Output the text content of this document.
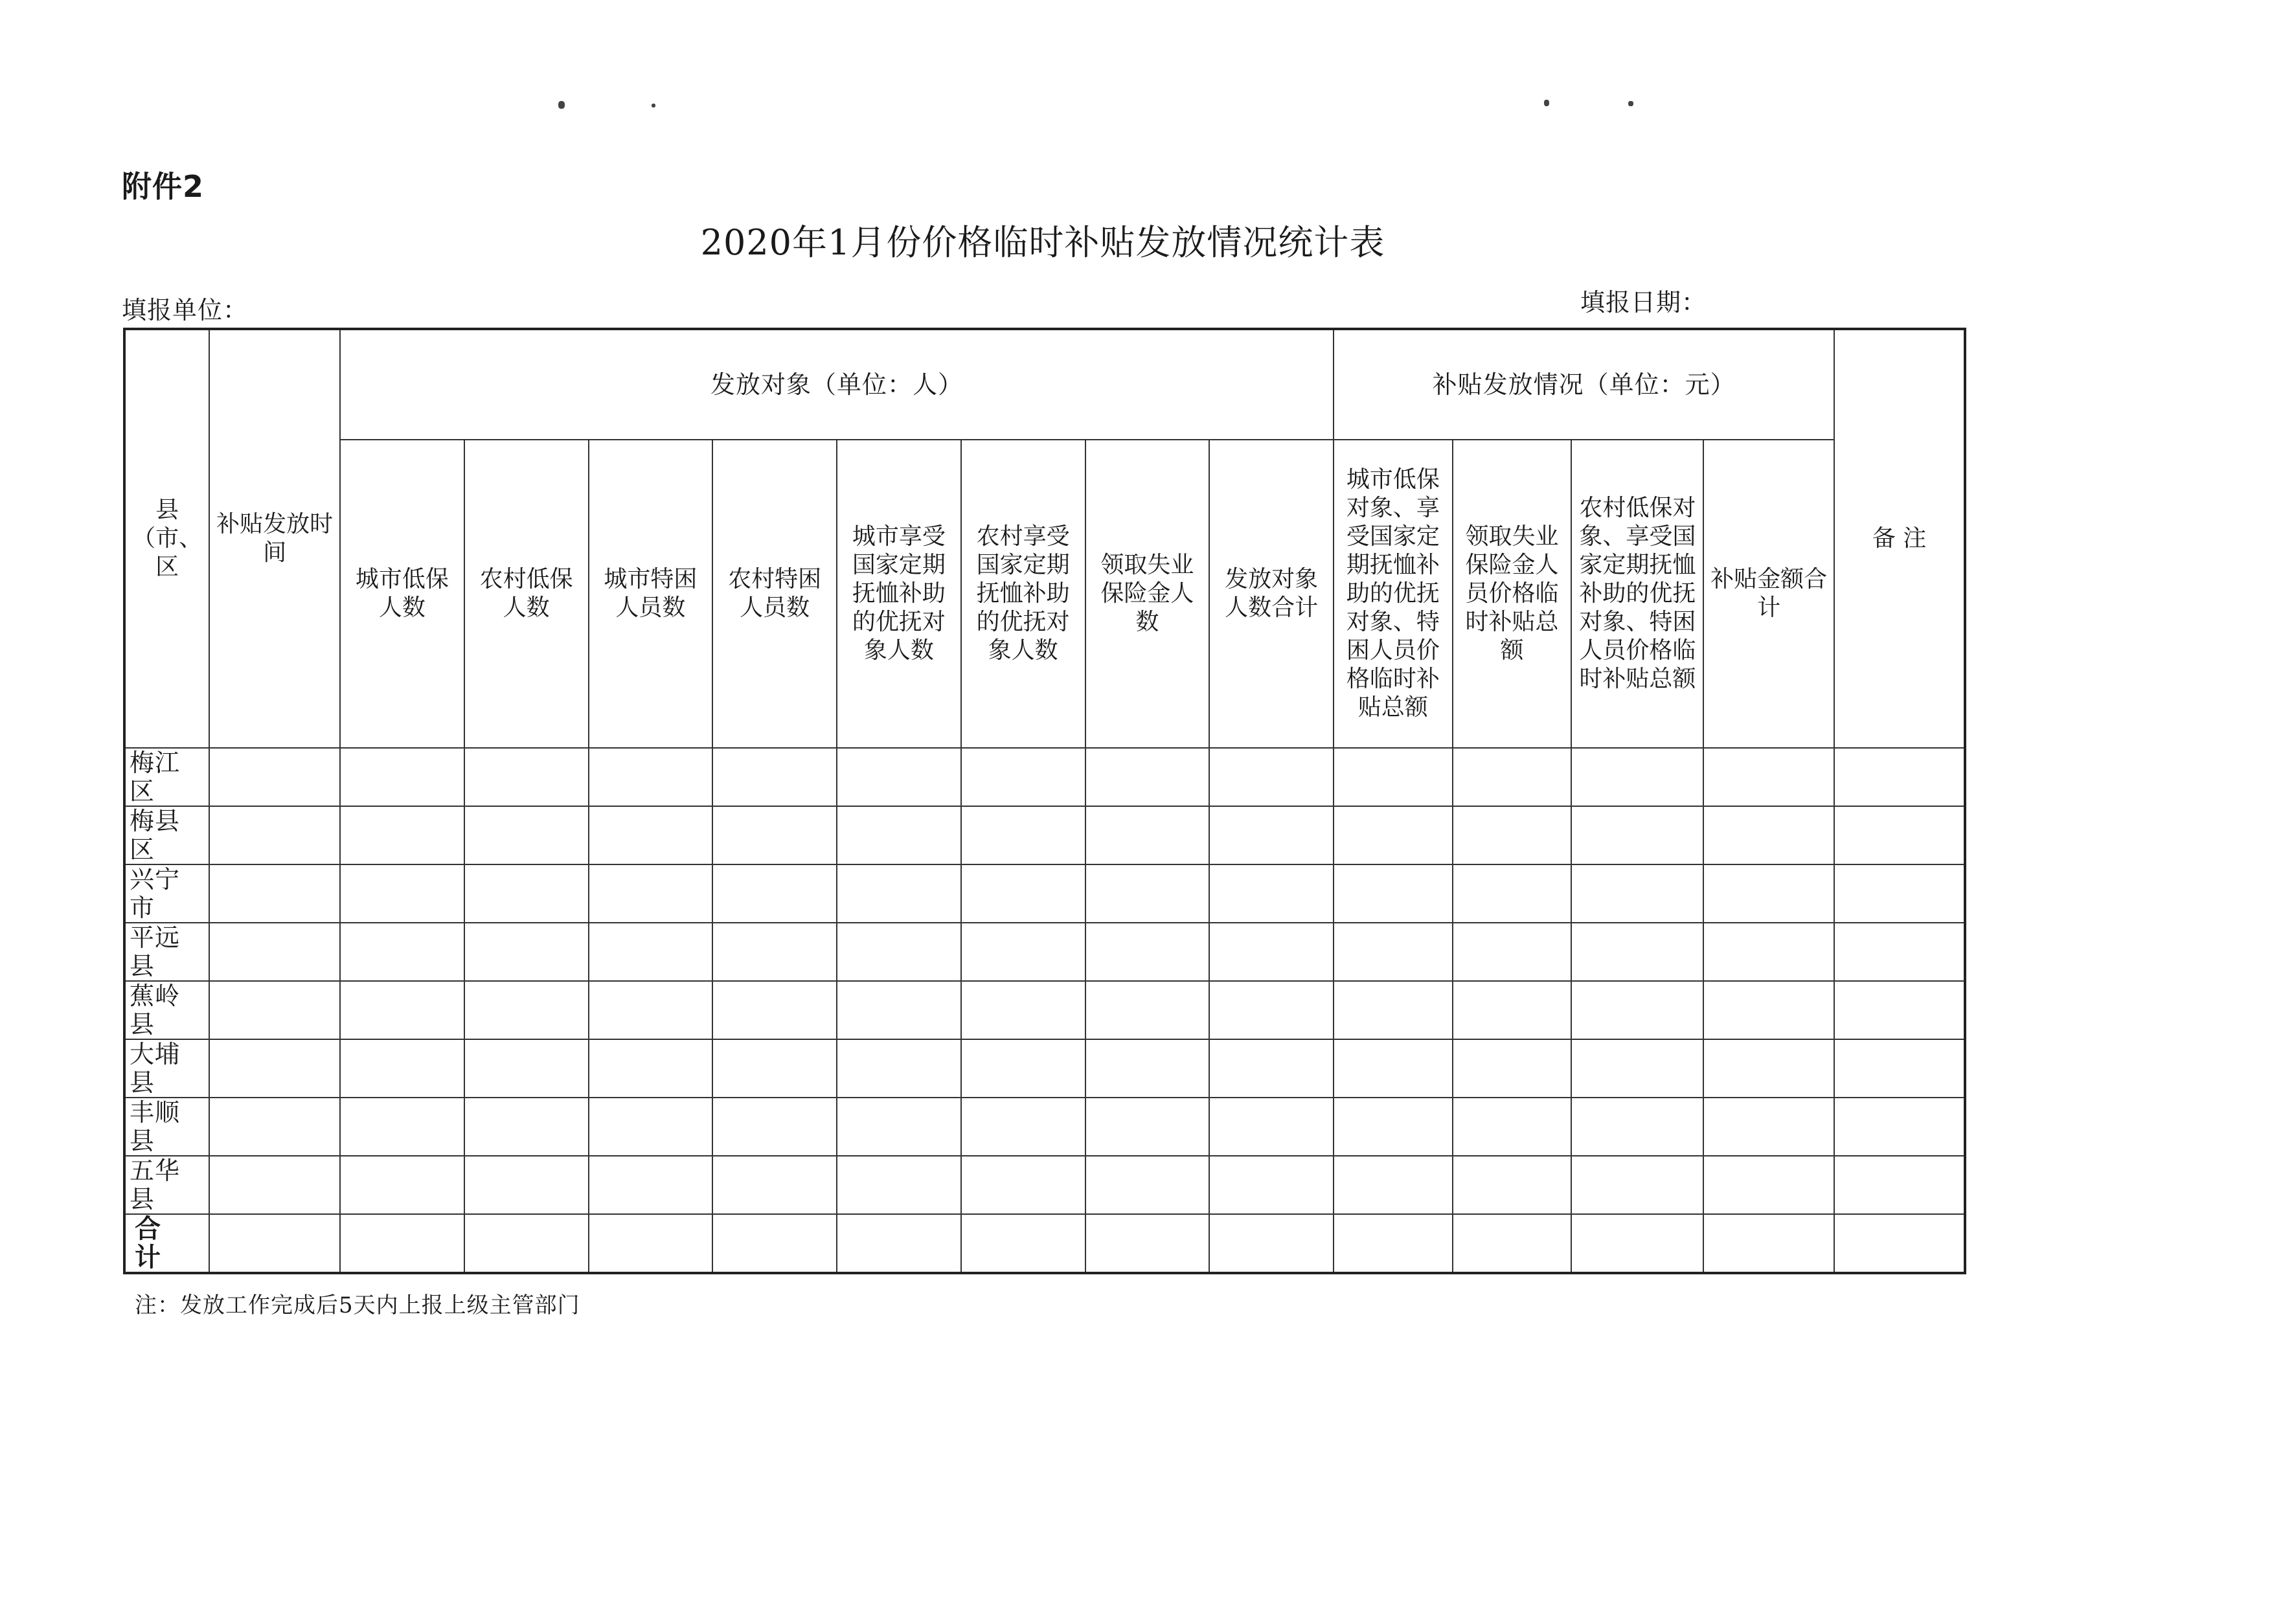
附件2
2020年1月份价格临时补贴发放情况统计表
填报单位：	填报日期：
县（市、区	补贴发放时间	发放对象（单位：人）								补贴发放情况（单位：元）				备 注
		城市低保人数	农村低保人数	城市特困人员数	农村特困人员数	城市享受国家定期抚恤补助的优抚对象人数	农村享受国家定期抚恤补助的优抚对象人数	领取失业保险金人数	发放对象人数合计	城市低保对象、享受国家定期抚恤补助的优抚对象、特困人员价格临时补贴总额	领取失业保险金人员价格临时补贴总额	农村低保对象、享受国家定期抚恤补助的优抚对象、特困人员价格临时补贴总额	补贴金额合计	
梅江区														
梅县区														
兴宁市														
平远县														
蕉岭县														
大埔县														
丰顺县														
五华县														
合 计														
注：发放工作完成后5天内上报上级主管部门
